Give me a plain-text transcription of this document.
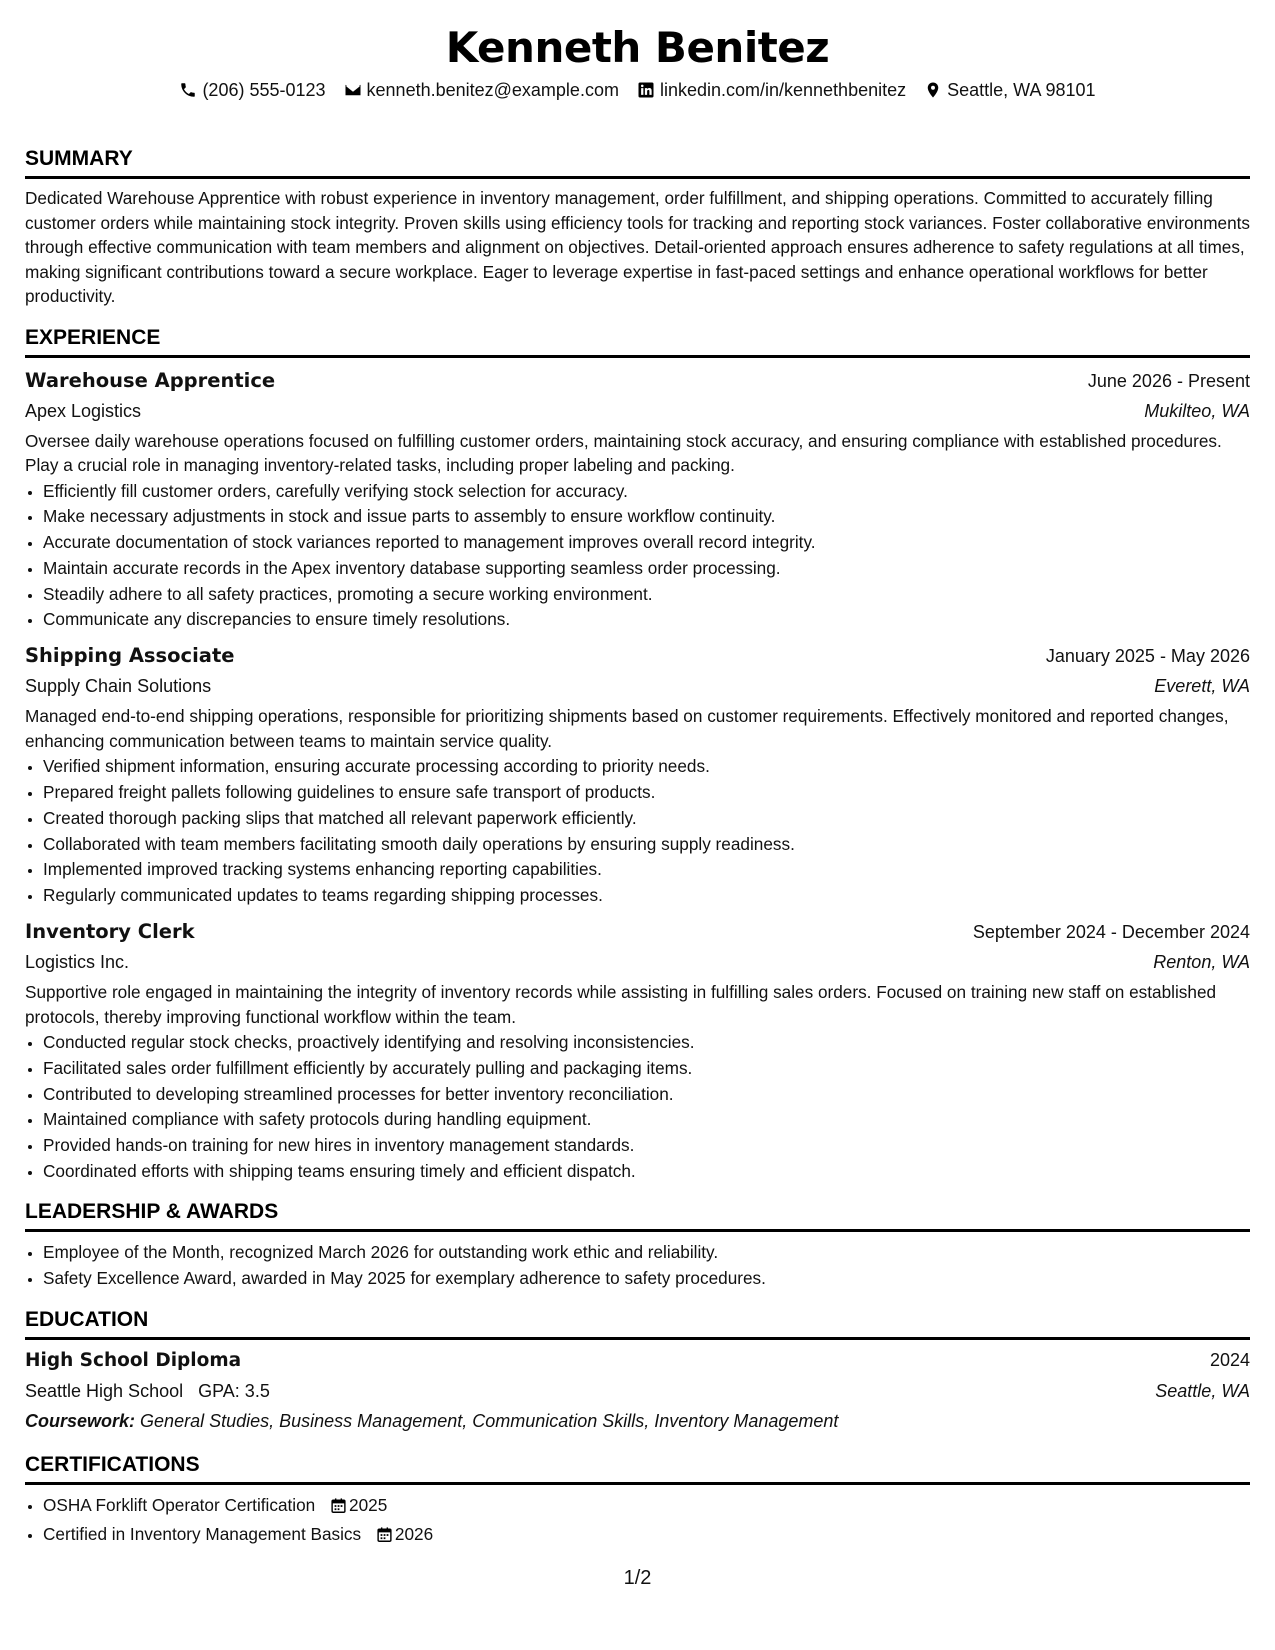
Kenneth Benitez
(206) 555-0123 kenneth.benitez@example.com linkedin.com/in/kennethbenitez Seattle, WA 98101
SUMMARY
Dedicated Warehouse Apprentice with robust experience in inventory management, order fulfillment, and shipping operations. Committed to accurately filling customer orders while maintaining stock integrity. Proven skills using efficiency tools for tracking and reporting stock variances. Foster collaborative environments through effective communication with team members and alignment on objectives. Detail-oriented approach ensures adherence to safety regulations at all times, making significant contributions toward a secure workplace. Eager to leverage expertise in fast-paced settings and enhance operational workflows for better productivity.
EXPERIENCE
Warehouse Apprentice	June 2026 - Present
Apex Logistics	Mukilteo, WA
Oversee daily warehouse operations focused on fulfilling customer orders, maintaining stock accuracy, and ensuring compliance with established procedures. Play a crucial role in managing inventory-related tasks, including proper labeling and packing.
• Efficiently fill customer orders, carefully verifying stock selection for accuracy.
• Make necessary adjustments in stock and issue parts to assembly to ensure workflow continuity.
• Accurate documentation of stock variances reported to management improves overall record integrity.
• Maintain accurate records in the Apex inventory database supporting seamless order processing.
• Steadily adhere to all safety practices, promoting a secure working environment.
• Communicate any discrepancies to ensure timely resolutions.
Shipping Associate	January 2025 - May 2026
Supply Chain Solutions	Everett, WA
Managed end-to-end shipping operations, responsible for prioritizing shipments based on customer requirements. Effectively monitored and reported changes, enhancing communication between teams to maintain service quality.
• Verified shipment information, ensuring accurate processing according to priority needs.
• Prepared freight pallets following guidelines to ensure safe transport of products.
• Created thorough packing slips that matched all relevant paperwork efficiently.
• Collaborated with team members facilitating smooth daily operations by ensuring supply readiness.
• Implemented improved tracking systems enhancing reporting capabilities.
• Regularly communicated updates to teams regarding shipping processes.
Inventory Clerk	September 2024 - December 2024
Logistics Inc.	Renton, WA
Supportive role engaged in maintaining the integrity of inventory records while assisting in fulfilling sales orders. Focused on training new staff on established protocols, thereby improving functional workflow within the team.
• Conducted regular stock checks, proactively identifying and resolving inconsistencies.
• Facilitated sales order fulfillment efficiently by accurately pulling and packaging items.
• Contributed to developing streamlined processes for better inventory reconciliation.
• Maintained compliance with safety protocols during handling equipment.
• Provided hands-on training for new hires in inventory management standards.
• Coordinated efforts with shipping teams ensuring timely and efficient dispatch.
LEADERSHIP & AWARDS
• Employee of the Month, recognized March 2026 for outstanding work ethic and reliability.
• Safety Excellence Award, awarded in May 2025 for exemplary adherence to safety procedures.
EDUCATION
High School Diploma	2024
Seattle High School GPA: 3.5	Seattle, WA
Coursework: General Studies, Business Management, Communication Skills, Inventory Management
CERTIFICATIONS
• OSHA Forklift Operator Certification 2025
• Certified in Inventory Management Basics 2026
1/2
